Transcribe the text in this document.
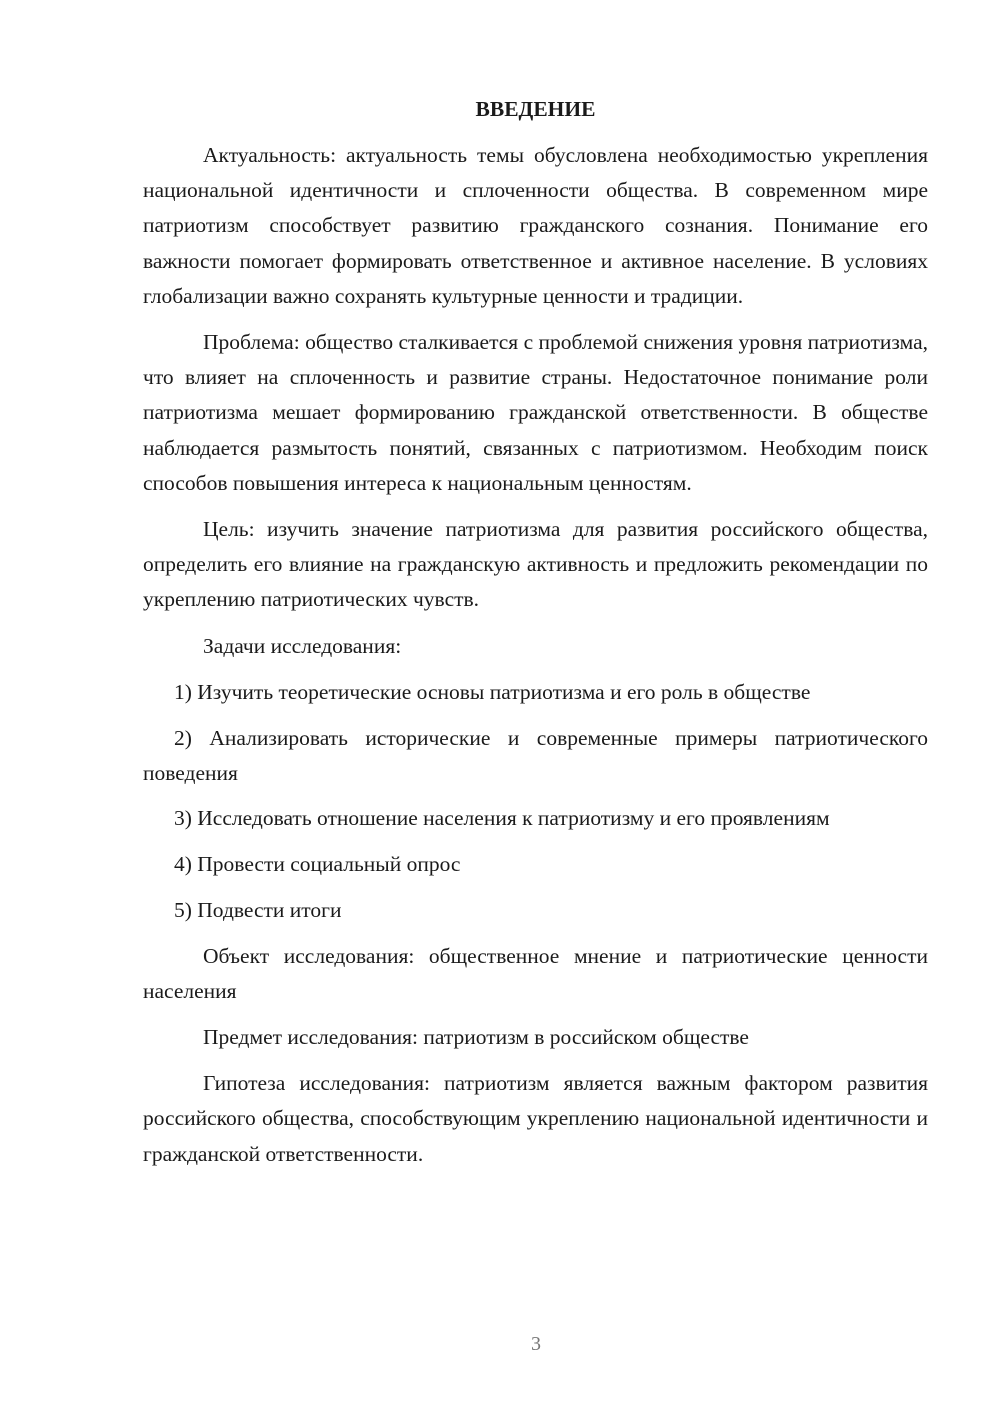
ВВЕДЕНИЕ

Актуальность: актуальность темы обусловлена необходимостью укрепления национальной идентичности и сплоченности общества. В современном мире патриотизм способствует развитию гражданского сознания. Понимание его важности помогает формировать ответственное и активное население. В условиях глобализации важно сохранять культурные ценности и традиции.

Проблема: общество сталкивается с проблемой снижения уровня патриотизма, что влияет на сплоченность и развитие страны. Недостаточное понимание роли патриотизма мешает формированию гражданской ответственности. В обществе наблюдается размытость понятий, связанных с патриотизмом. Необходим поиск способов повышения интереса к национальным ценностям.

Цель: изучить значение патриотизма для развития российского общества, определить его влияние на гражданскую активность и предложить рекомендации по укреплению патриотических чувств.

Задачи исследования:

1) Изучить теоретические основы патриотизма и его роль в обществе

2) Анализировать исторические и современные примеры патриотического поведения

3) Исследовать отношение населения к патриотизму и его проявлениям

4) Провести социальный опрос

5) Подвести итоги

Объект исследования: общественное мнение и патриотические ценности населения

Предмет исследования: патриотизм в российском обществе

Гипотеза исследования: патриотизм является важным фактором развития российского общества, способствующим укреплению национальной идентичности и гражданской ответственности.

3
